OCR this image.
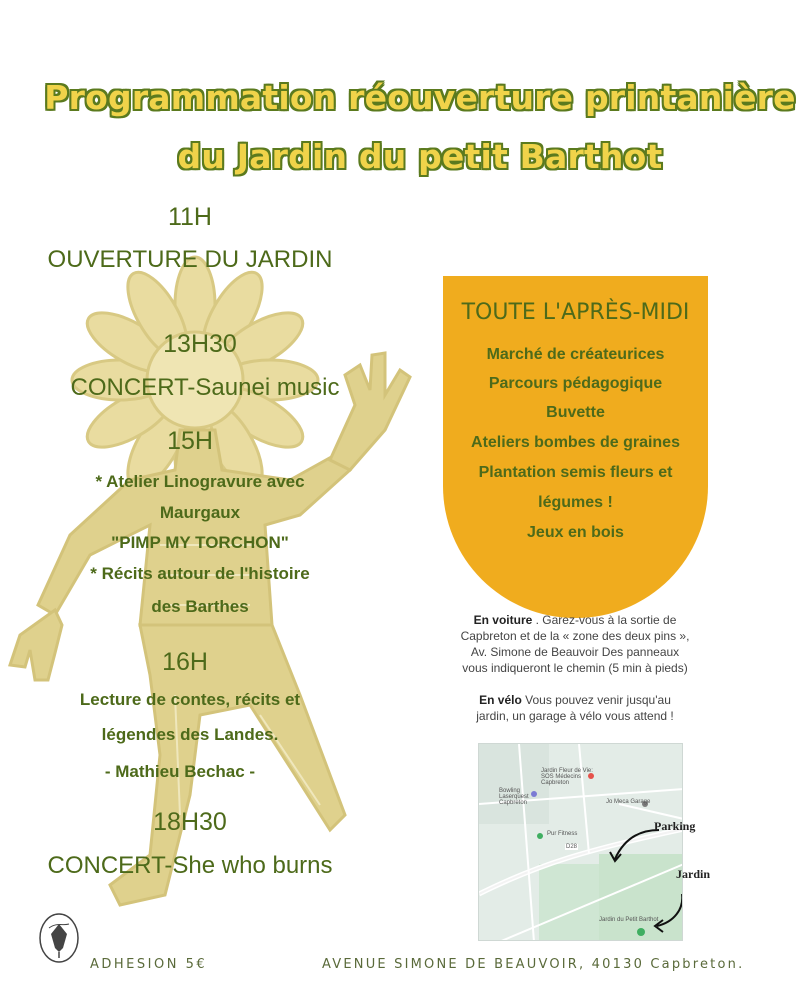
Programmation réouverture printanière
du Jardin du petit Barthot
11H
OUVERTURE DU JARDIN
13H30
CONCERT-Saunei music
15H
* Atelier Linogravure avec
Maurgaux
"PIMP MY TORCHON"
* Récits autour de l'histoire
des Barthes
16H
Lecture de contes, récits et
légendes des Landes.
- Mathieu Bechac -
18H30
CONCERT-She who burns
TOUTE L'APRÈS-MIDI
Marché de créateurices
Parcours pédagogique
Buvette
Ateliers bombes de graines
Plantation semis fleurs et
légumes !
Jeux en bois
En voiture . Garez-vous à la sortie de
Capbreton et de la « zone des deux pins »,
Av. Simone de Beauvoir Des panneaux
vous indiqueront le chemin (5 min à pieds)
En vélo Vous pouvez venir jusqu'au
jardin, un garage à vélo vous attend !
Bowling Laserquest Capbreton
Jardin Fleur de Vie: SOS Médecins Capbreton
Jo Meca Garage
Pur Fitness
D28
Jardin du Petit Barthot
Parking
Jardin
ADHESION 5€	AVENUE SIMONE DE BEAUVOIR, 40130 Capbreton.
